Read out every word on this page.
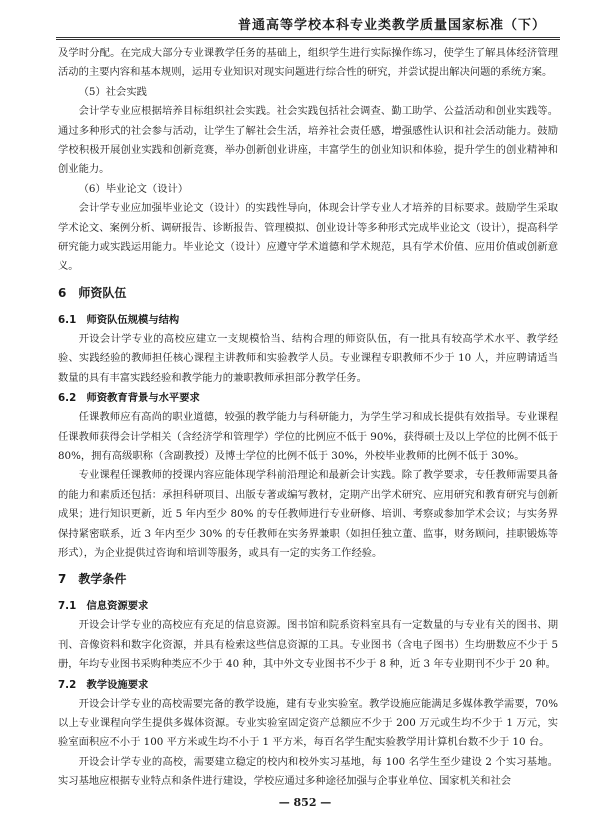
普通高等学校本科专业类教学质量国家标准（下）

及学时分配。在完成大部分专业课教学任务的基础上，组织学生进行实际操作练习，使学生了解具体经济管理活动的主要内容和基本规则，运用专业知识对现实问题进行综合性的研究，并尝试提出解决问题的系统方案。

（5）社会实践

会计学专业应根据培养目标组织社会实践。社会实践包括社会调查、勤工助学、公益活动和创业实践等。通过多种形式的社会参与活动，让学生了解社会生活，培养社会责任感，增强感性认识和社会活动能力。鼓励学校积极开展创业实践和创新竞赛，举办创新创业讲座，丰富学生的创业知识和体验，提升学生的创业精神和创业能力。

（6）毕业论文（设计）

会计学专业应加强毕业论文（设计）的实践性导向，体现会计学专业人才培养的目标要求。鼓励学生采取学术论文、案例分析、调研报告、诊断报告、管理模拟、创业设计等多种形式完成毕业论文（设计），提高科学研究能力或实践运用能力。毕业论文（设计）应遵守学术道德和学术规范，具有学术价值、应用价值或创新意义。

6　师资队伍
6.1　师资队伍规模与结构

开设会计学专业的高校应建立一支规模恰当、结构合理的师资队伍，有一批具有较高学术水平、教学经验、实践经验的教师担任核心课程主讲教师和实验教学人员。专业课程专职教师不少于 10 人，并应聘请适当数量的具有丰富实践经验和教学能力的兼职教师承担部分教学任务。

6.2　师资教育背景与水平要求

任课教师应有高尚的职业道德，较强的教学能力与科研能力，为学生学习和成长提供有效指导。专业课程任课教师获得会计学相关（含经济学和管理学）学位的比例应不低于 90%，获得硕士及以上学位的比例不低于 80%，拥有高级职称（含副教授）及博士学位的比例不低于 30%，外校毕业教师的比例不低于 30%。

专业课程任课教师的授课内容应能体现学科前沿理论和最新会计实践。除了教学要求，专任教师需要具备的能力和素质还包括：承担科研项目、出版专著或编写教材，定期产出学术研究、应用研究和教育研究与创新成果；进行知识更新，近 5 年内至少 80% 的专任教师进行专业研修、培训、考察或参加学术会议；与实务界保持紧密联系，近 3 年内至少 30% 的专任教师在实务界兼职（如担任独立董、监事，财务顾问，挂职锻炼等形式），为企业提供过咨询和培训等服务，或具有一定的实务工作经验。

7　教学条件
7.1　信息资源要求

开设会计学专业的高校应有充足的信息资源。图书馆和院系资料室具有一定数量的与专业有关的图书、期刊、音像资料和数字化资源，并具有检索这些信息资源的工具。专业图书（含电子图书）生均册数应不少于 5 册，年均专业图书采购种类应不少于 40 种，其中外文专业图书不少于 8 种，近 3 年专业期刊不少于 20 种。

7.2　教学设施要求

开设会计学专业的高校需要完备的教学设施，建有专业实验室。教学设施应能满足多媒体教学需要，70%以上专业课程向学生提供多媒体资源。专业实验室固定资产总额应不少于 200 万元或生均不少于 1 万元，实验室面积应不小于 100 平方米或生均不小于 1 平方米，每百名学生配实验教学用计算机台数不少于 10 台。

开设会计学专业的高校，需要建立稳定的校内和校外实习基地，每 100 名学生至少建设 2 个实习基地。实习基地应根据专业特点和条件进行建设，学校应通过多种途径加强与企事业单位、国家机关和社会

— 852 —
